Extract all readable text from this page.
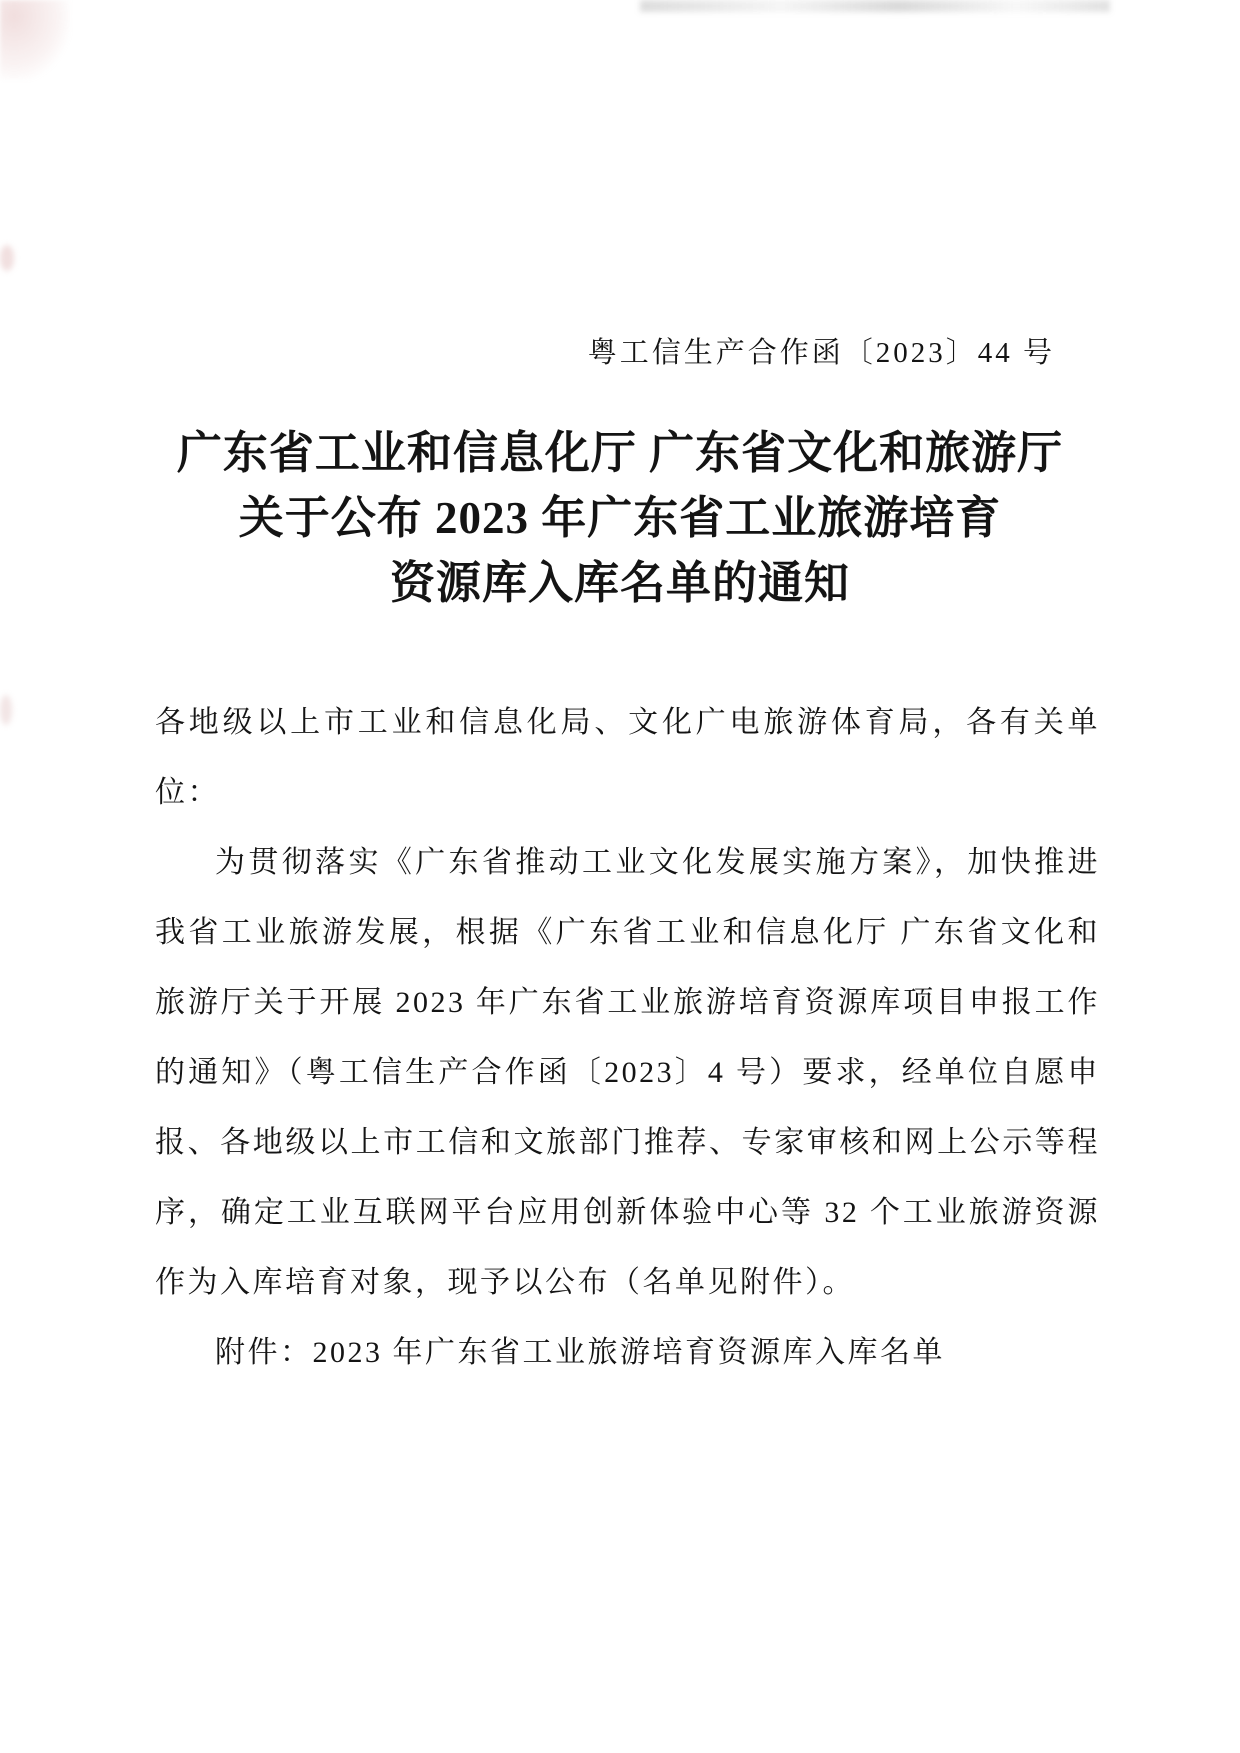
粤工信生产合作函〔2023〕44 号
广东省工业和信息化厅 广东省文化和旅游厅
关于公布 2023 年广东省工业旅游培育
资源库入库名单的通知

各地级以上市工业和信息化局、文化广电旅游体育局，各有关单位：

为贯彻落实《广东省推动工业文化发展实施方案》，加快推进我省工业旅游发展，根据《广东省工业和信息化厅 广东省文化和旅游厅关于开展 2023 年广东省工业旅游培育资源库项目申报工作的通知》（粤工信生产合作函〔2023〕4 号）要求，经单位自愿申报、各地级以上市工信和文旅部门推荐、专家审核和网上公示等程序，确定工业互联网平台应用创新体验中心等 32 个工业旅游资源作为入库培育对象，现予以公布（名单见附件）。

附件：2023 年广东省工业旅游培育资源库入库名单
